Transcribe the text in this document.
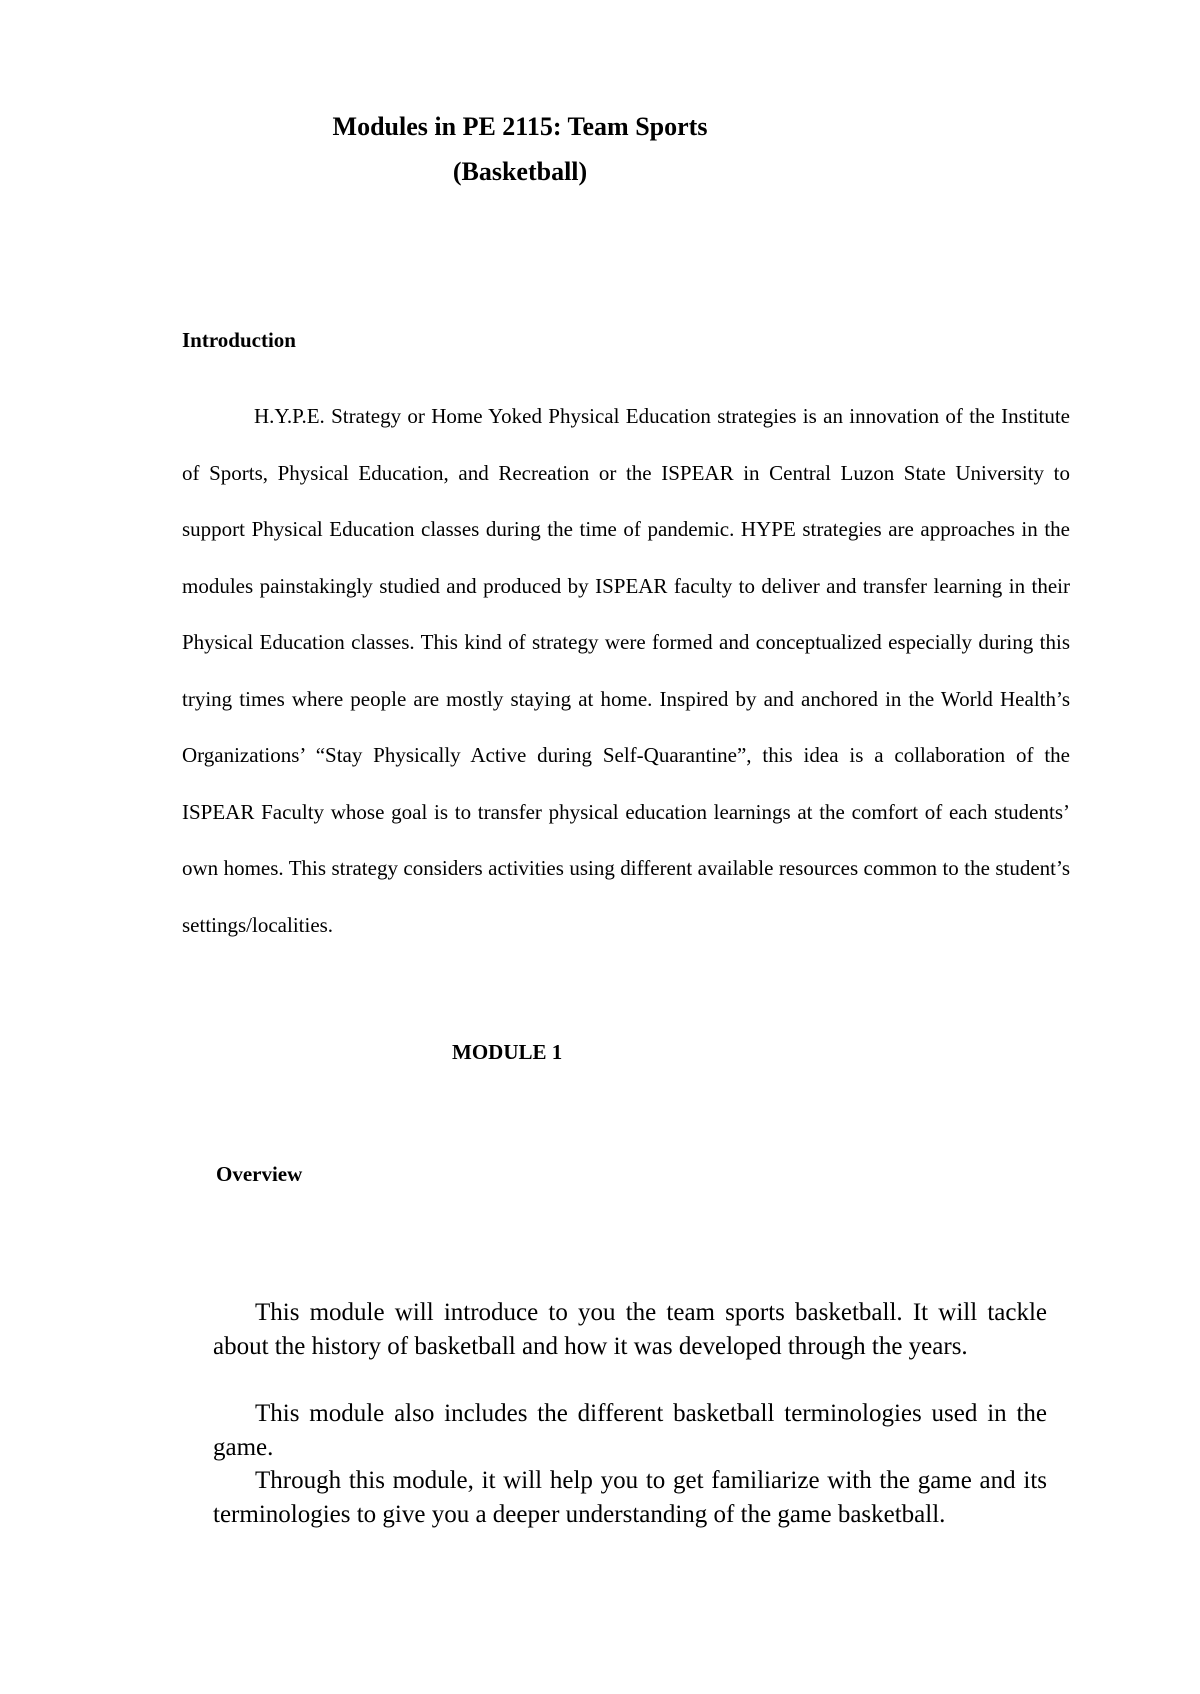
Modules in PE 2115: Team Sports
(Basketball)
Introduction

H.Y.P.E. Strategy or Home Yoked Physical Education strategies is an innovation of the Institute of Sports, Physical Education, and Recreation or the ISPEAR in Central Luzon State University to support Physical Education classes during the time of pandemic. HYPE strategies are approaches in the modules painstakingly studied and produced by ISPEAR faculty to deliver and transfer learning in their Physical Education classes. This kind of strategy were formed and conceptualized especially during this trying times where people are mostly staying at home. Inspired by and anchored in the World Health’s Organizations’ “Stay Physically Active during Self-Quarantine”, this idea is a collaboration of the ISPEAR Faculty whose goal is to transfer physical education learnings at the comfort of each students’ own homes. This strategy considers activities using different available resources common to the student’s settings/localities.

MODULE 1
Overview

This module will introduce to you the team sports basketball. It will tackle about the history of basketball and how it was developed through the years.

This module also includes the different basketball terminologies used in the game.

Through this module, it will help you to get familiarize with the game and its terminologies to give you a deeper understanding of the game basketball.
